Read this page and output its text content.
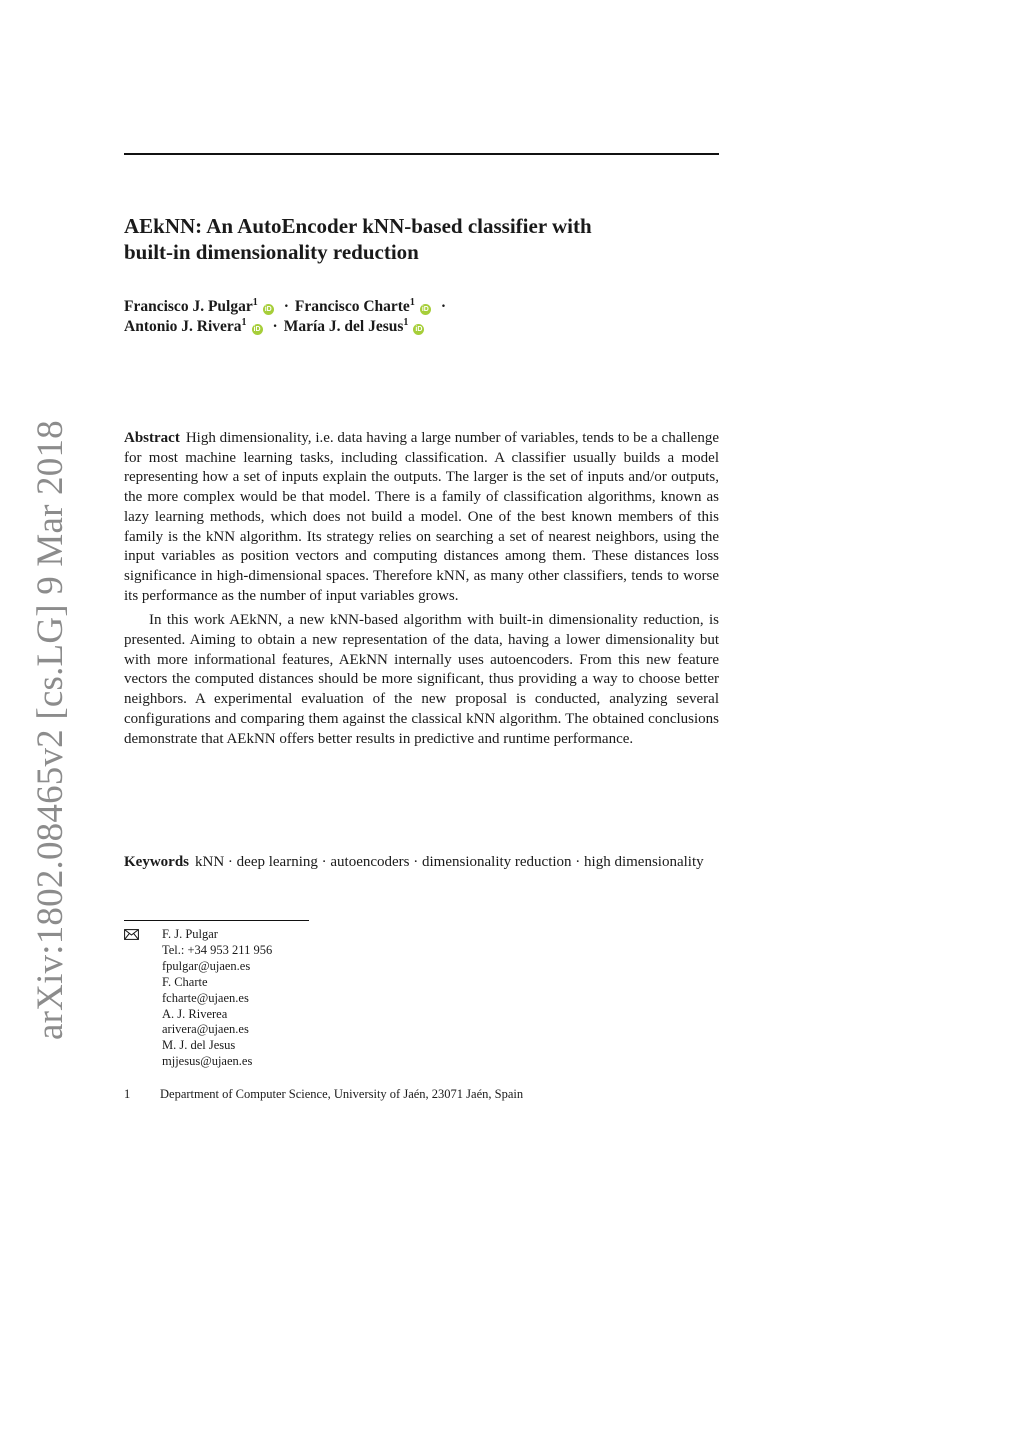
arXiv:1802.08465v2 [cs.LG] 9 Mar 2018
AEkNN: An AutoEncoder kNN-based classifier with
built-in dimensionality reduction
Francisco J. Pulgar$^1$iD · Francisco Charte$^1$iD ·
Antonio J. Rivera$^1$iD · María J. del Jesus$^1$iD

Abstract High dimensionality, i.e. data having a large number of variables, tends to be a challenge for most machine learning tasks, including classification. A classifier usually builds a model representing how a set of inputs explain the outputs. The larger is the set of inputs and/or outputs, the more complex would be that model. There is a family of classification algorithms, known as lazy learning methods, which does not build a model. One of the best known members of this family is the kNN algorithm. Its strategy relies on searching a set of nearest neighbors, using the input variables as position vectors and computing distances among them. These distances loss significance in high-dimensional spaces. Therefore kNN, as many other classifiers, tends to worse its performance as the number of input variables grows.

In this work AEkNN, a new kNN-based algorithm with built-in dimensionality reduction, is presented. Aiming to obtain a new representation of the data, having a lower dimensionality but with more informational features, AEkNN internally uses autoencoders. From this new feature vectors the computed distances should be more significant, thus providing a way to choose better neighbors. A experimental evaluation of the new proposal is conducted, analyzing several configurations and comparing them against the classical kNN algorithm. The obtained conclusions demonstrate that AEkNN offers better results in predictive and runtime performance.

Keywords kNN · deep learning · autoencoders · dimensionality reduction · high dimensionality
F. J. Pulgar
Tel.: +34 953 211 956
fpulgar@ujaen.es
F. Charte
fcharte@ujaen.es
A. J. Riverea
arivera@ujaen.es
M. J. del Jesus
mjjesus@ujaen.es
1 Department of Computer Science, University of Jaén, 23071 Jaén, Spain
